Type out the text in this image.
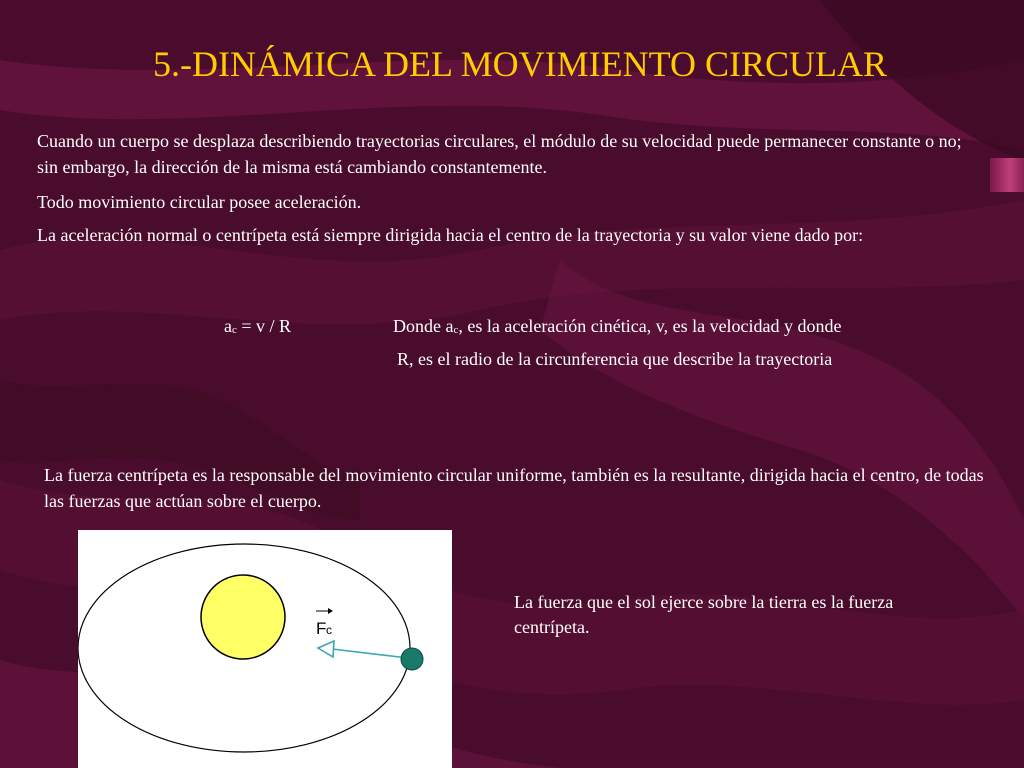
5.-DINÁMICA DEL MOVIMIENTO CIRCULAR

Cuando un cuerpo se desplaza describiendo trayectorias circulares, el módulo de su velocidad puede permanecer constante o no; sin embargo, la dirección de la misma está cambiando constantemente.

Todo movimiento circular posee aceleración.

La aceleración normal o centrípeta está siempre dirigida hacia el centro de la trayectoria y su valor viene dado por:

$a_c = v / R$	Donde $a_c$, es la aceleración cinética, v, es la velocidad y donde
R, es el radio de la circunferencia que describe la trayectoria

La fuerza centrípeta es la responsable del movimiento circular uniforme, también es la resultante, dirigida hacia el centro, de todas las fuerzas que actúan sobre el cuerpo.

F c

La fuerza que el sol ejerce sobre la tierra es la fuerza centrípeta.
